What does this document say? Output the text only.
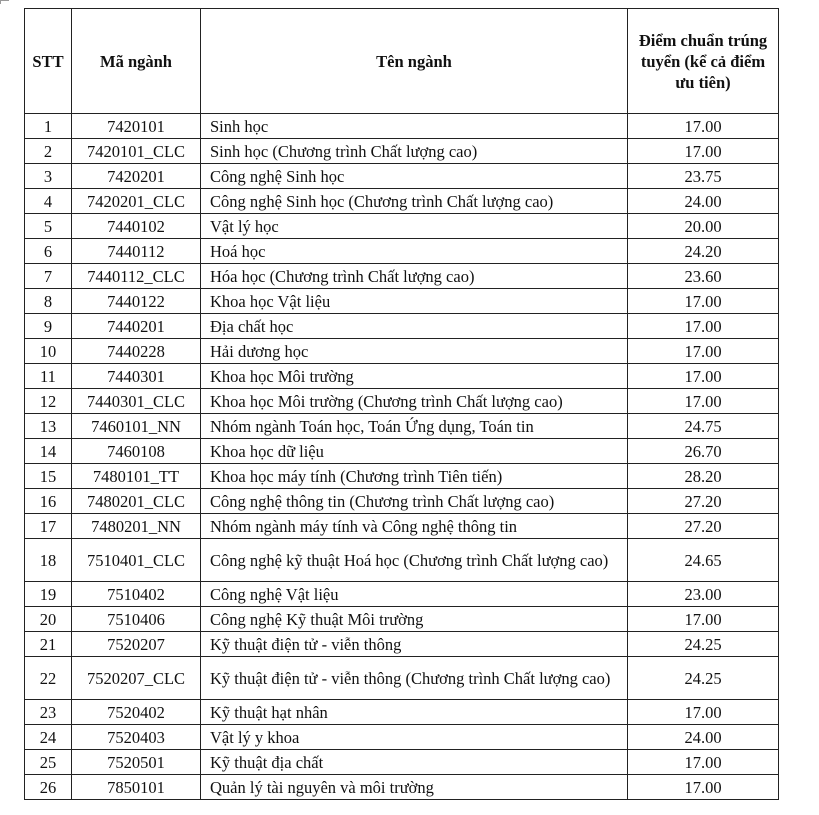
STT	Mã ngành	Tên ngành	Điểm chuẩn trúng tuyển (kể cả điểm ưu tiên)
1	7420101	Sinh học	17.00
2	7420101_CLC	Sinh học (Chương trình Chất lượng cao)	17.00
3	7420201	Công nghệ Sinh học	23.75
4	7420201_CLC	Công nghệ Sinh học (Chương trình Chất lượng cao)	24.00
5	7440102	Vật lý học	20.00
6	7440112	Hoá học	24.20
7	7440112_CLC	Hóa học (Chương trình Chất lượng cao)	23.60
8	7440122	Khoa học Vật liệu	17.00
9	7440201	Địa chất học	17.00
10	7440228	Hải dương học	17.00
11	7440301	Khoa học Môi trường	17.00
12	7440301_CLC	Khoa học Môi trường (Chương trình Chất lượng cao)	17.00
13	7460101_NN	Nhóm ngành Toán học, Toán Ứng dụng, Toán tin	24.75
14	7460108	Khoa học dữ liệu	26.70
15	7480101_TT	Khoa học máy tính (Chương trình Tiên tiến)	28.20
16	7480201_CLC	Công nghệ thông tin (Chương trình Chất lượng cao)	27.20
17	7480201_NN	Nhóm ngành máy tính và Công nghệ thông tin	27.20
18	7510401_CLC	Công nghệ kỹ thuật Hoá học (Chương trình Chất lượng cao)	24.65
19	7510402	Công nghệ Vật liệu	23.00
20	7510406	Công nghệ Kỹ thuật Môi trường	17.00
21	7520207	Kỹ thuật điện tử - viễn thông	24.25
22	7520207_CLC	Kỹ thuật điện tử - viễn thông (Chương trình Chất lượng cao)	24.25
23	7520402	Kỹ thuật hạt nhân	17.00
24	7520403	Vật lý y khoa	24.00
25	7520501	Kỹ thuật địa chất	17.00
26	7850101	Quản lý tài nguyên và môi trường	17.00
